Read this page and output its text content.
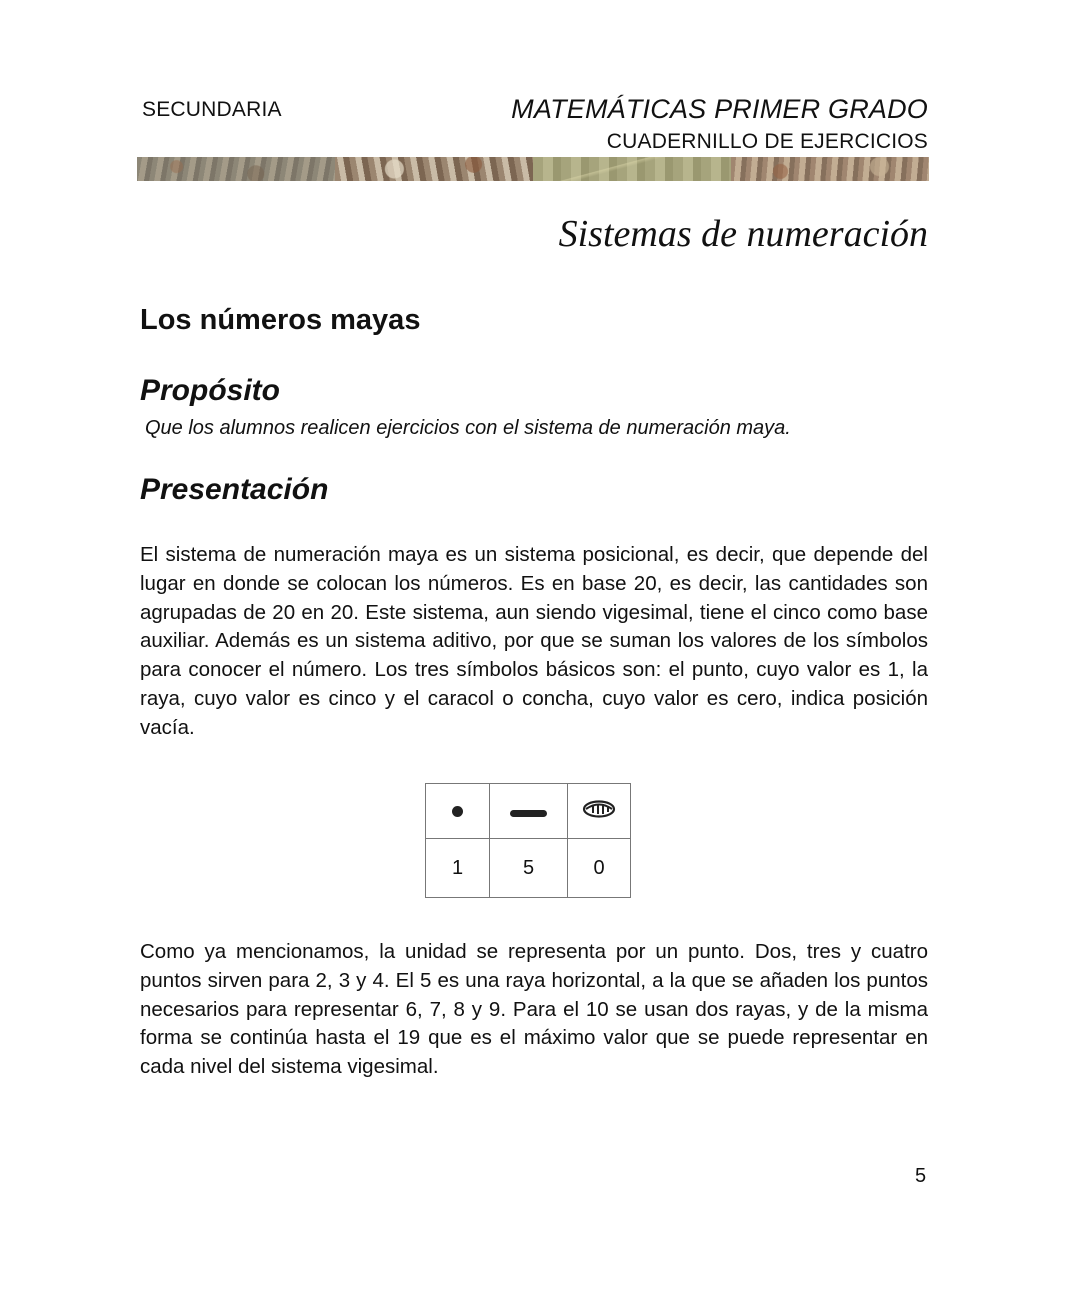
SECUNDARIA	MATEMÁTICAS PRIMER GRADO
CUADERNILLO DE EJERCICIOS
Sistemas de numeración
Los números mayas
Propósito
Que los alumnos realicen ejercicios con el sistema de numeración maya.
Presentación

El sistema de numeración maya es un sistema posicional, es decir, que depende del lugar en donde se colocan los números. Es en base 20, es decir, las cantidades son agrupadas de 20 en 20. Este sistema, aun siendo vigesimal, tiene el cinco como base auxiliar. Además es un sistema aditivo, por que se suman los valores de los símbolos para conocer el número. Los tres símbolos básicos son: el punto, cuyo valor es 1, la raya, cuyo valor es cinco y el caracol o concha, cuyo valor es cero, indica posición vacía.

1	5	0

Como ya mencionamos, la unidad se representa por un punto. Dos, tres y cuatro puntos sirven para 2, 3 y 4. El 5 es una raya horizontal, a la que se añaden los puntos necesarios para representar 6, 7, 8 y 9. Para el 10 se usan dos rayas, y de la misma forma se continúa hasta el 19 que es el máximo valor que se puede representar en cada nivel del sistema vigesimal.

5
